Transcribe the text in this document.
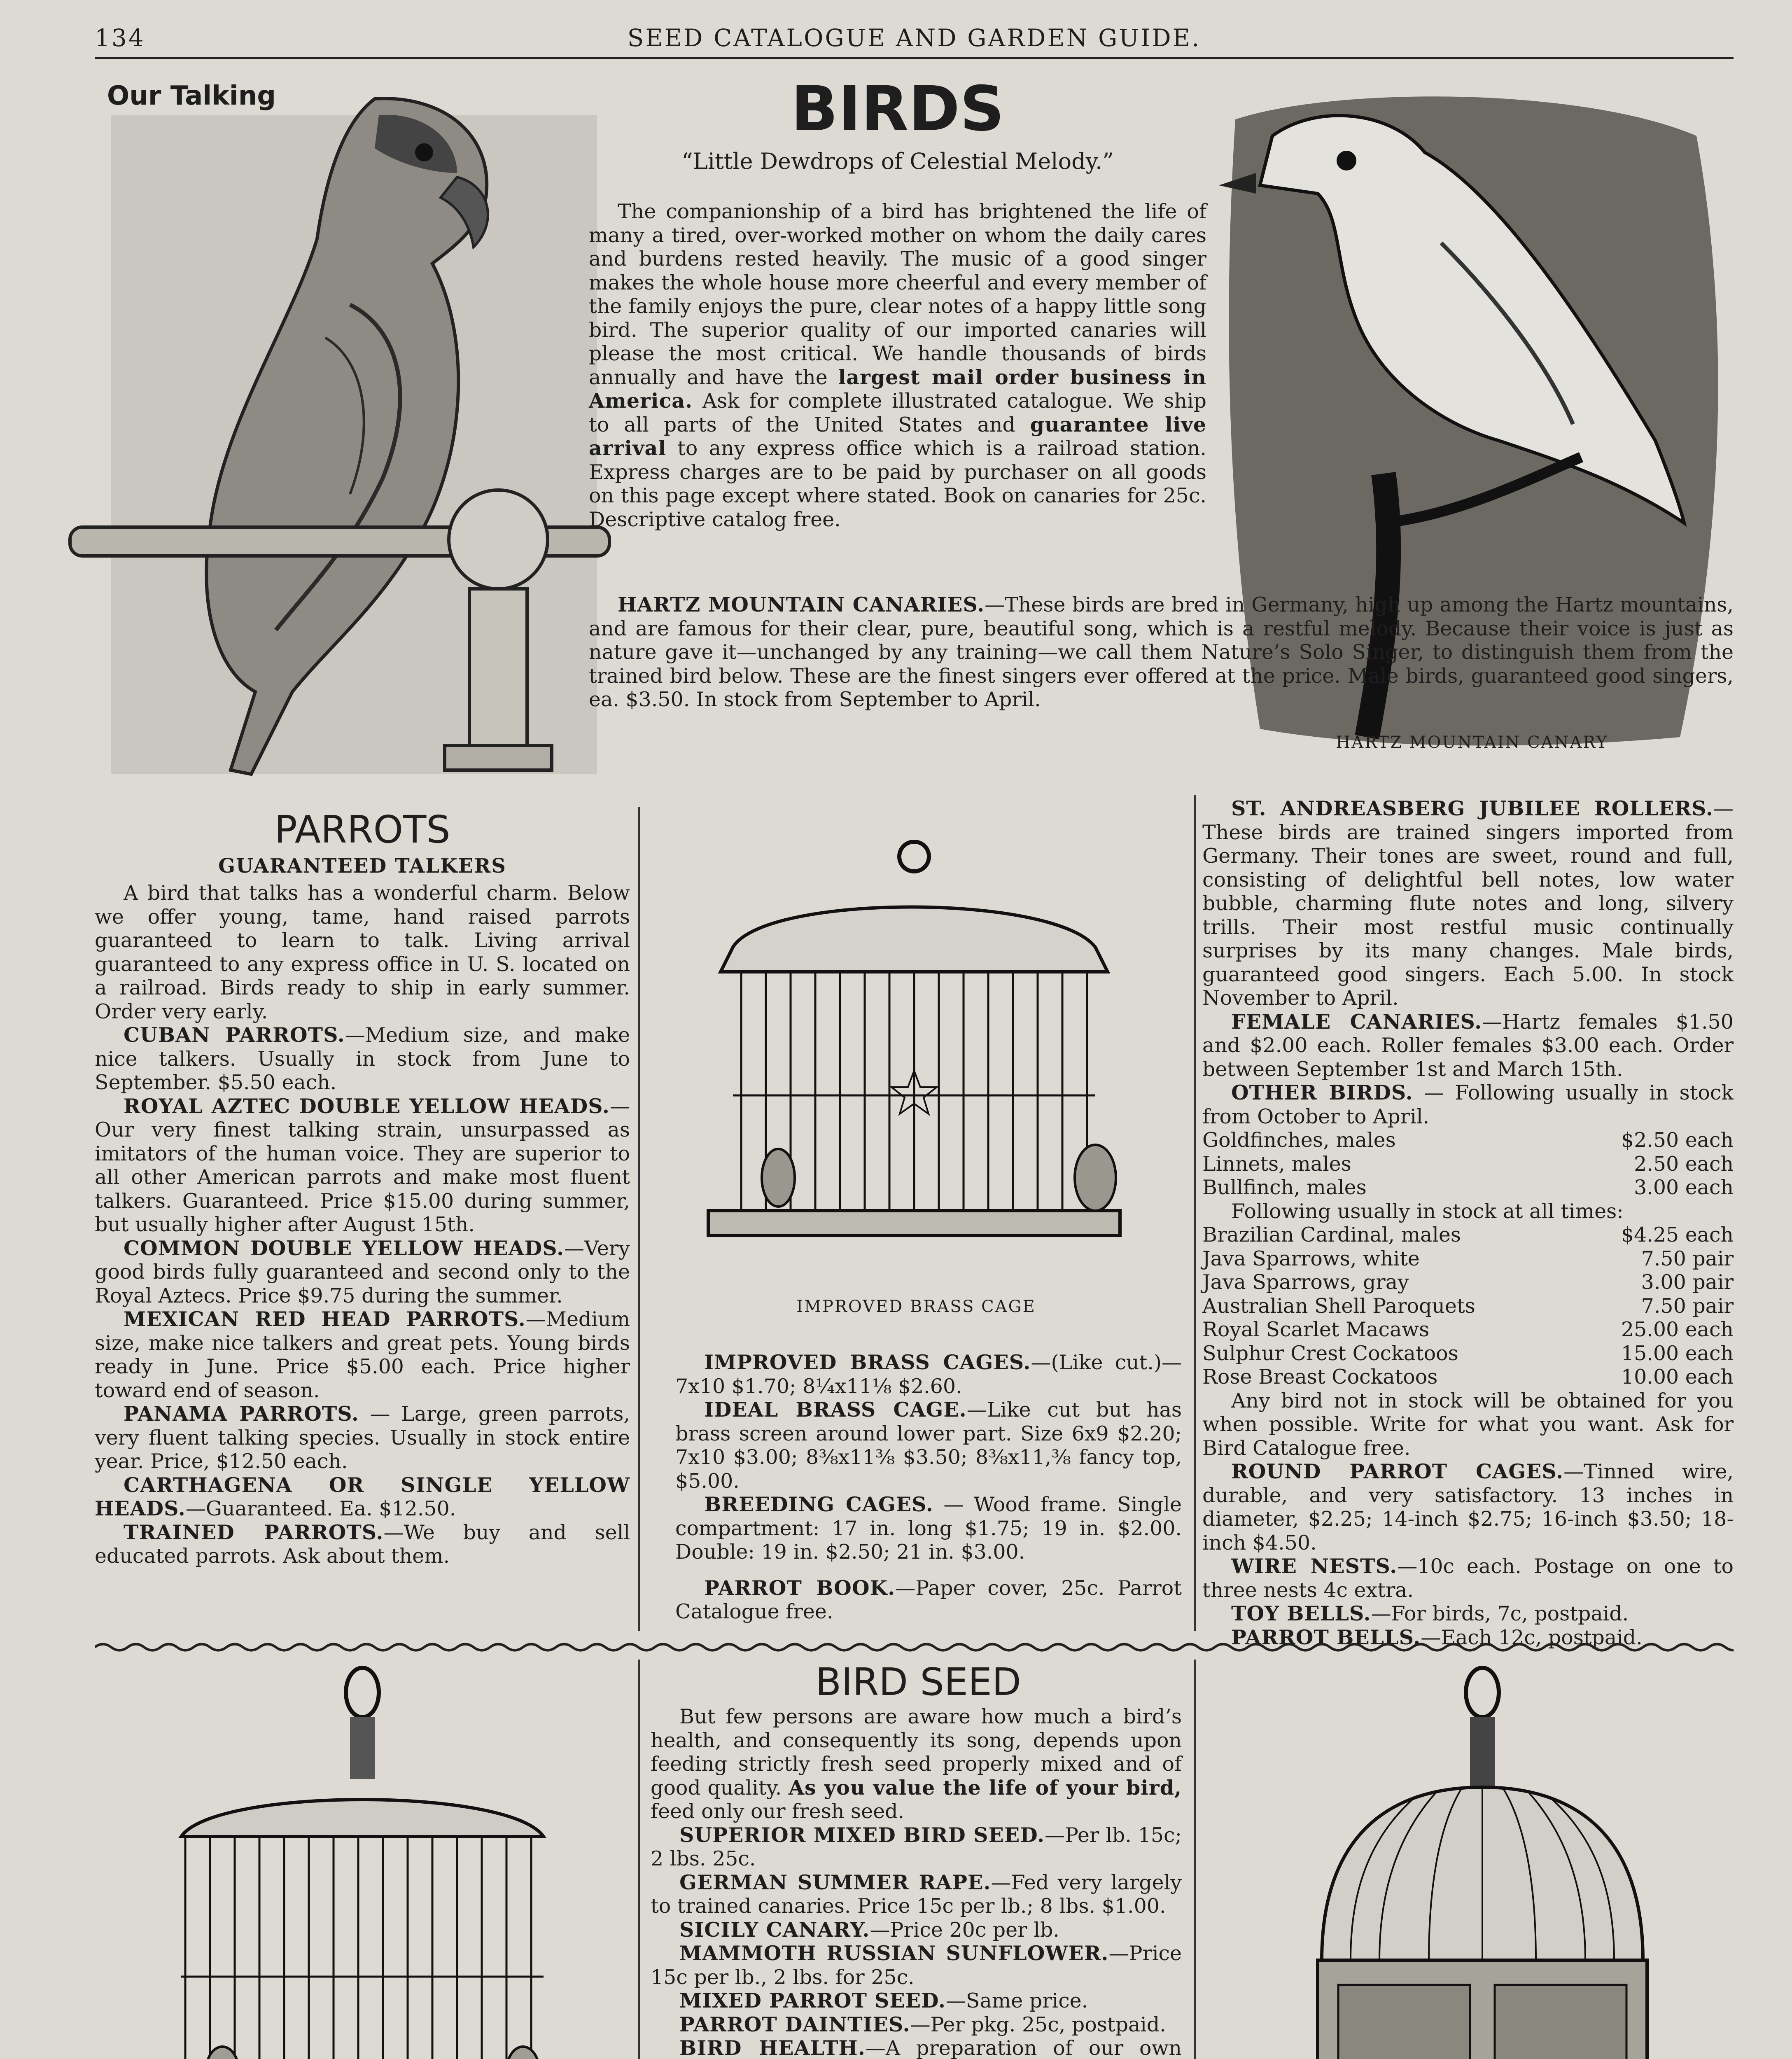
134	SEED CATALOGUE AND GARDEN GUIDE.
Our Talking	BIRDS
“Little Dewdrops of Celestial Melody.”

The companionship of a bird has brightened the life of many a tired, over-worked mother on whom the daily cares and burdens rested heavily. The music of a good singer makes the whole house more cheerful and every member of the family enjoys the pure, clear notes of a happy little song bird. The superior quality of our imported canaries will please the most critical. We handle thousands of birds annually and have the largest mail order business in America. Ask for complete illustrated catalogue. We ship to all parts of the United States and guarantee live arrival to any express office which is a railroad station. Express charges are to be paid by purchaser on all goods on this page except where stated. Book on canaries for 25c. Descriptive catalog free.

HARTZ MOUNTAIN CANARY

HARTZ MOUNTAIN CANARIES.—These birds are bred in Germany, high up among the Hartz mountains, and are famous for their clear, pure, beautiful song, which is a restful melody. Because their voice is just as nature gave it—unchanged by any training—we call them Nature’s Solo Singer, to distinguish them from the trained bird below. These are the finest singers ever offered at the price. Male birds, guaranteed good singers, ea. $3.50. In stock from September to April.

PARROTS
GUARANTEED TALKERS

A bird that talks has a wonderful charm. Below we offer young, tame, hand raised parrots guaranteed to learn to talk. Living arrival guaranteed to any express office in U. S. located on a railroad. Birds ready to ship in early summer. Order very early.

CUBAN PARROTS.—Medium size, and make nice talkers. Usually in stock from June to September. $5.50 each.

ROYAL AZTEC DOUBLE YELLOW HEADS.—Our very finest talking strain, unsurpassed as imitators of the human voice. They are superior to all other American parrots and make most fluent talkers. Guaranteed. Price $15.00 during summer, but usually higher after August 15th.

COMMON DOUBLE YELLOW HEADS.—Very good birds fully guaranteed and second only to the Royal Aztecs. Price $9.75 during the summer.

MEXICAN RED HEAD PARROTS.—Medium size, make nice talkers and great pets. Young birds ready in June. Price $5.00 each. Price higher toward end of season.

PANAMA PARROTS. — Large, green parrots, very fluent talking species. Usually in stock entire year. Price, $12.50 each.

CARTHAGENA OR SINGLE YELLOW HEADS.—Guaranteed. Ea. $12.50.

TRAINED PARROTS.—We buy and sell educated parrots. Ask about them.

IMPROVED BRASS CAGE

IMPROVED BRASS CAGES.—(Like cut.)—7x10 $1.70; 8¼x11⅛ $2.60.

IDEAL BRASS CAGE.—Like cut but has brass screen around lower part. Size 6x9 $2.20; 7x10 $3.00; 8⅜x11⅜ $3.50; 8⅜x11,⅜ fancy top, $5.00.

BREEDING CAGES. — Wood frame. Single compartment: 17 in. long $1.75; 19 in. $2.00. Double: 19 in. $2.50; 21 in. $3.00.

PARROT BOOK.—Paper cover, 25c. Parrot Catalogue free.

ST. ANDREASBERG JUBILEE ROLLERS.—These birds are trained singers imported from Germany. Their tones are sweet, round and full, consisting of delightful bell notes, low water bubble, charming flute notes and long, silvery trills. Their most restful music continually surprises by its many changes. Male birds, guaranteed good singers. Each 5.00. In stock November to April.

FEMALE CANARIES.—Hartz females $1.50 and $2.00 each. Roller females $3.00 each. Order between September 1st and March 15th.

OTHER BIRDS. — Following usually in stock from October to April.

Goldfinches, males	$2.50 each
Linnets, males	2.50 each
Bullfinch, males	3.00 each

Following usually in stock at all times:

Brazilian Cardinal, males	$4.25 each
Java Sparrows, white	7.50 pair
Java Sparrows, gray	3.00 pair
Australian Shell Paroquets	7.50 pair
Royal Scarlet Macaws	25.00 each
Sulphur Crest Cockatoos	15.00 each
Rose Breast Cockatoos	10.00 each

Any bird not in stock will be obtained for you when possible. Write for what you want. Ask for Bird Catalogue free.

ROUND PARROT CAGES.—Tinned wire, durable, and very satisfactory. 13 inches in diameter, $2.25; 14-inch $2.75; 16-inch $3.50; 18-inch $4.50.

WIRE NESTS.—10c each. Postage on one to three nests 4c extra.

TOY BELLS.—For birds, 7c, postpaid.

PARROT BELLS.—Each 12c, postpaid.

BIRD SEED

But few persons are aware how much a bird’s health, and consequently its song, depends upon feeding strictly fresh seed properly mixed and of good quality. As you value the life of your bird, feed only our fresh seed.

SUPERIOR MIXED BIRD SEED.—Per lb. 15c; 2 lbs. 25c.

GERMAN SUMMER RAPE.—Fed very largely to trained canaries. Price 15c per lb.; 8 lbs. $1.00.

SICILY CANARY.—Price 20c per lb.

MAMMOTH RUSSIAN SUNFLOWER.—Price 15c per lb., 2 lbs. for 25c.

MIXED PARROT SEED.—Same price.

PARROT DAINTIES.—Per pkg. 25c, postpaid.

BIRD HEALTH.—A preparation of our own
